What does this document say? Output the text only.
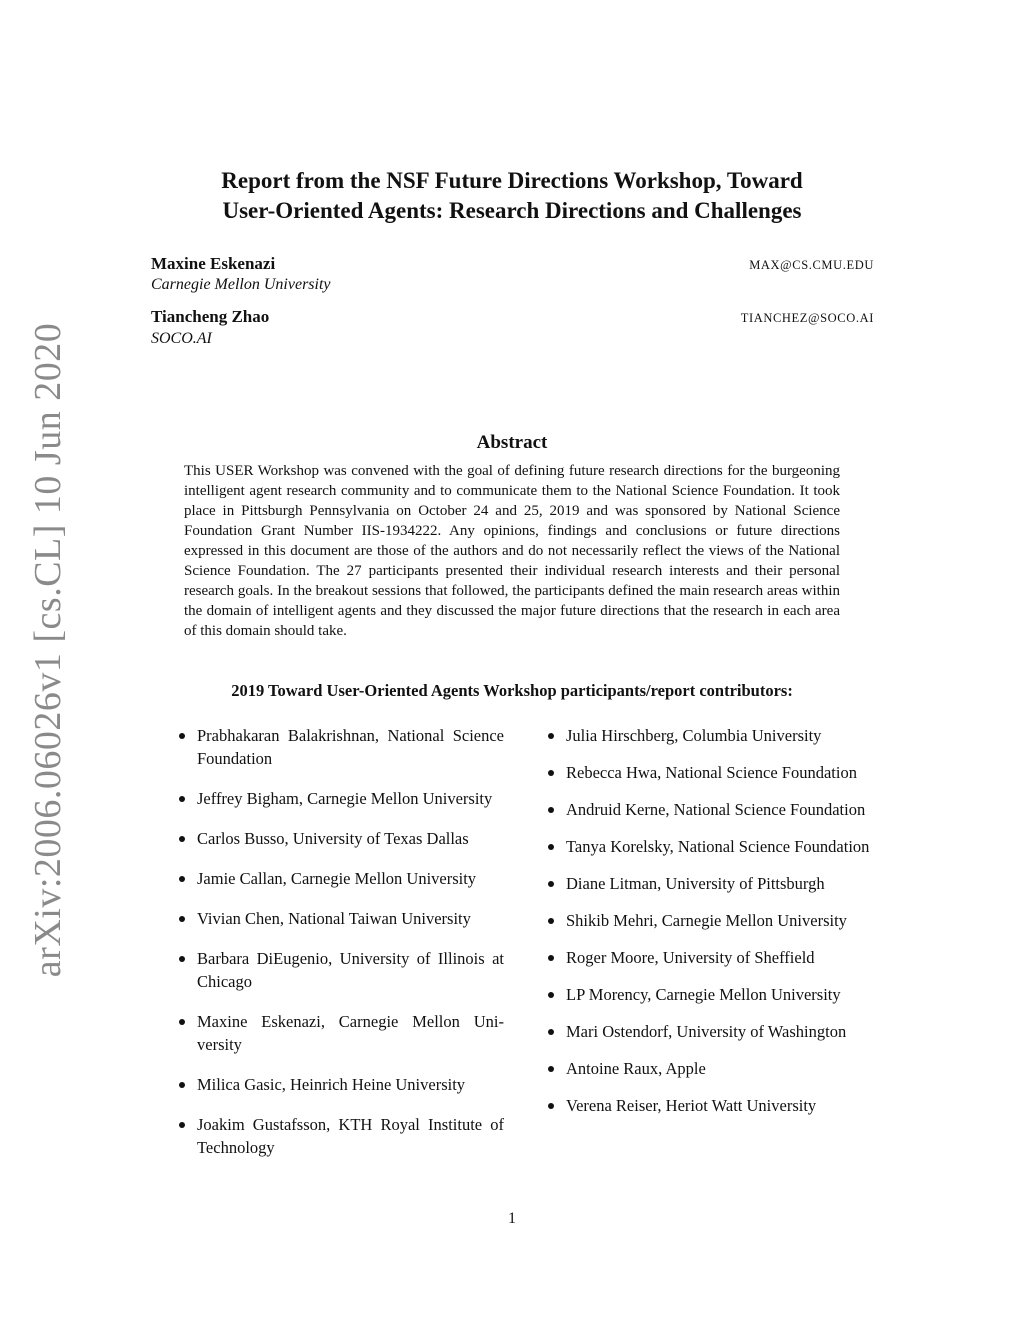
arXiv:2006.06026v1 [cs.CL] 10 Jun 2020
Report from the NSF Future Directions Workshop, Toward
User-Oriented Agents: Research Directions and Challenges
Maxine Eskenazi	MAX@CS.CMU.EDU
Carnegie Mellon University
Tiancheng Zhao	TIANCHEZ@SOCO.AI
SOCO.AI
Abstract
This USER Workshop was convened with the goal of defining future research directions for the burgeoning intelligent agent research community and to communicate them to the National Science Foundation. It took place in Pittsburgh Pennsylvania on October 24 and 25, 2019 and was sponsored by National Science Foundation Grant Number IIS-1934222. Any opinions, findings and conclusions or future directions expressed in this document are those of the authors and do not necessarily reflect the views of the National Science Foundation. The 27 participants presented their individual research interests and their personal research goals. In the breakout sessions that followed, the participants defined the main research areas within the domain of intelligent agents and they discussed the major future directions that the research in each area of this domain should take.
2019 Toward User-Oriented Agents Workshop participants/report contributors:
Prabhakaran Balakrishnan, National Science Foundation
Jeffrey Bigham, Carnegie Mellon University
Carlos Busso, University of Texas Dallas
Jamie Callan, Carnegie Mellon University
Vivian Chen, National Taiwan University
Barbara DiEugenio, University of Illinois at Chicago
Maxine Eskenazi, Carnegie Mellon University
Milica Gasic, Heinrich Heine University
Joakim Gustafsson, KTH Royal Institute of Technology
Julia Hirschberg, Columbia University
Rebecca Hwa, National Science Foundation
Andruid Kerne, National Science Foundation
Tanya Korelsky, National Science Foundation
Diane Litman, University of Pittsburgh
Shikib Mehri, Carnegie Mellon University
Roger Moore, University of Sheffield
LP Morency, Carnegie Mellon University
Mari Ostendorf, University of Washington
Antoine Raux, Apple
Verena Reiser, Heriot Watt University
1
